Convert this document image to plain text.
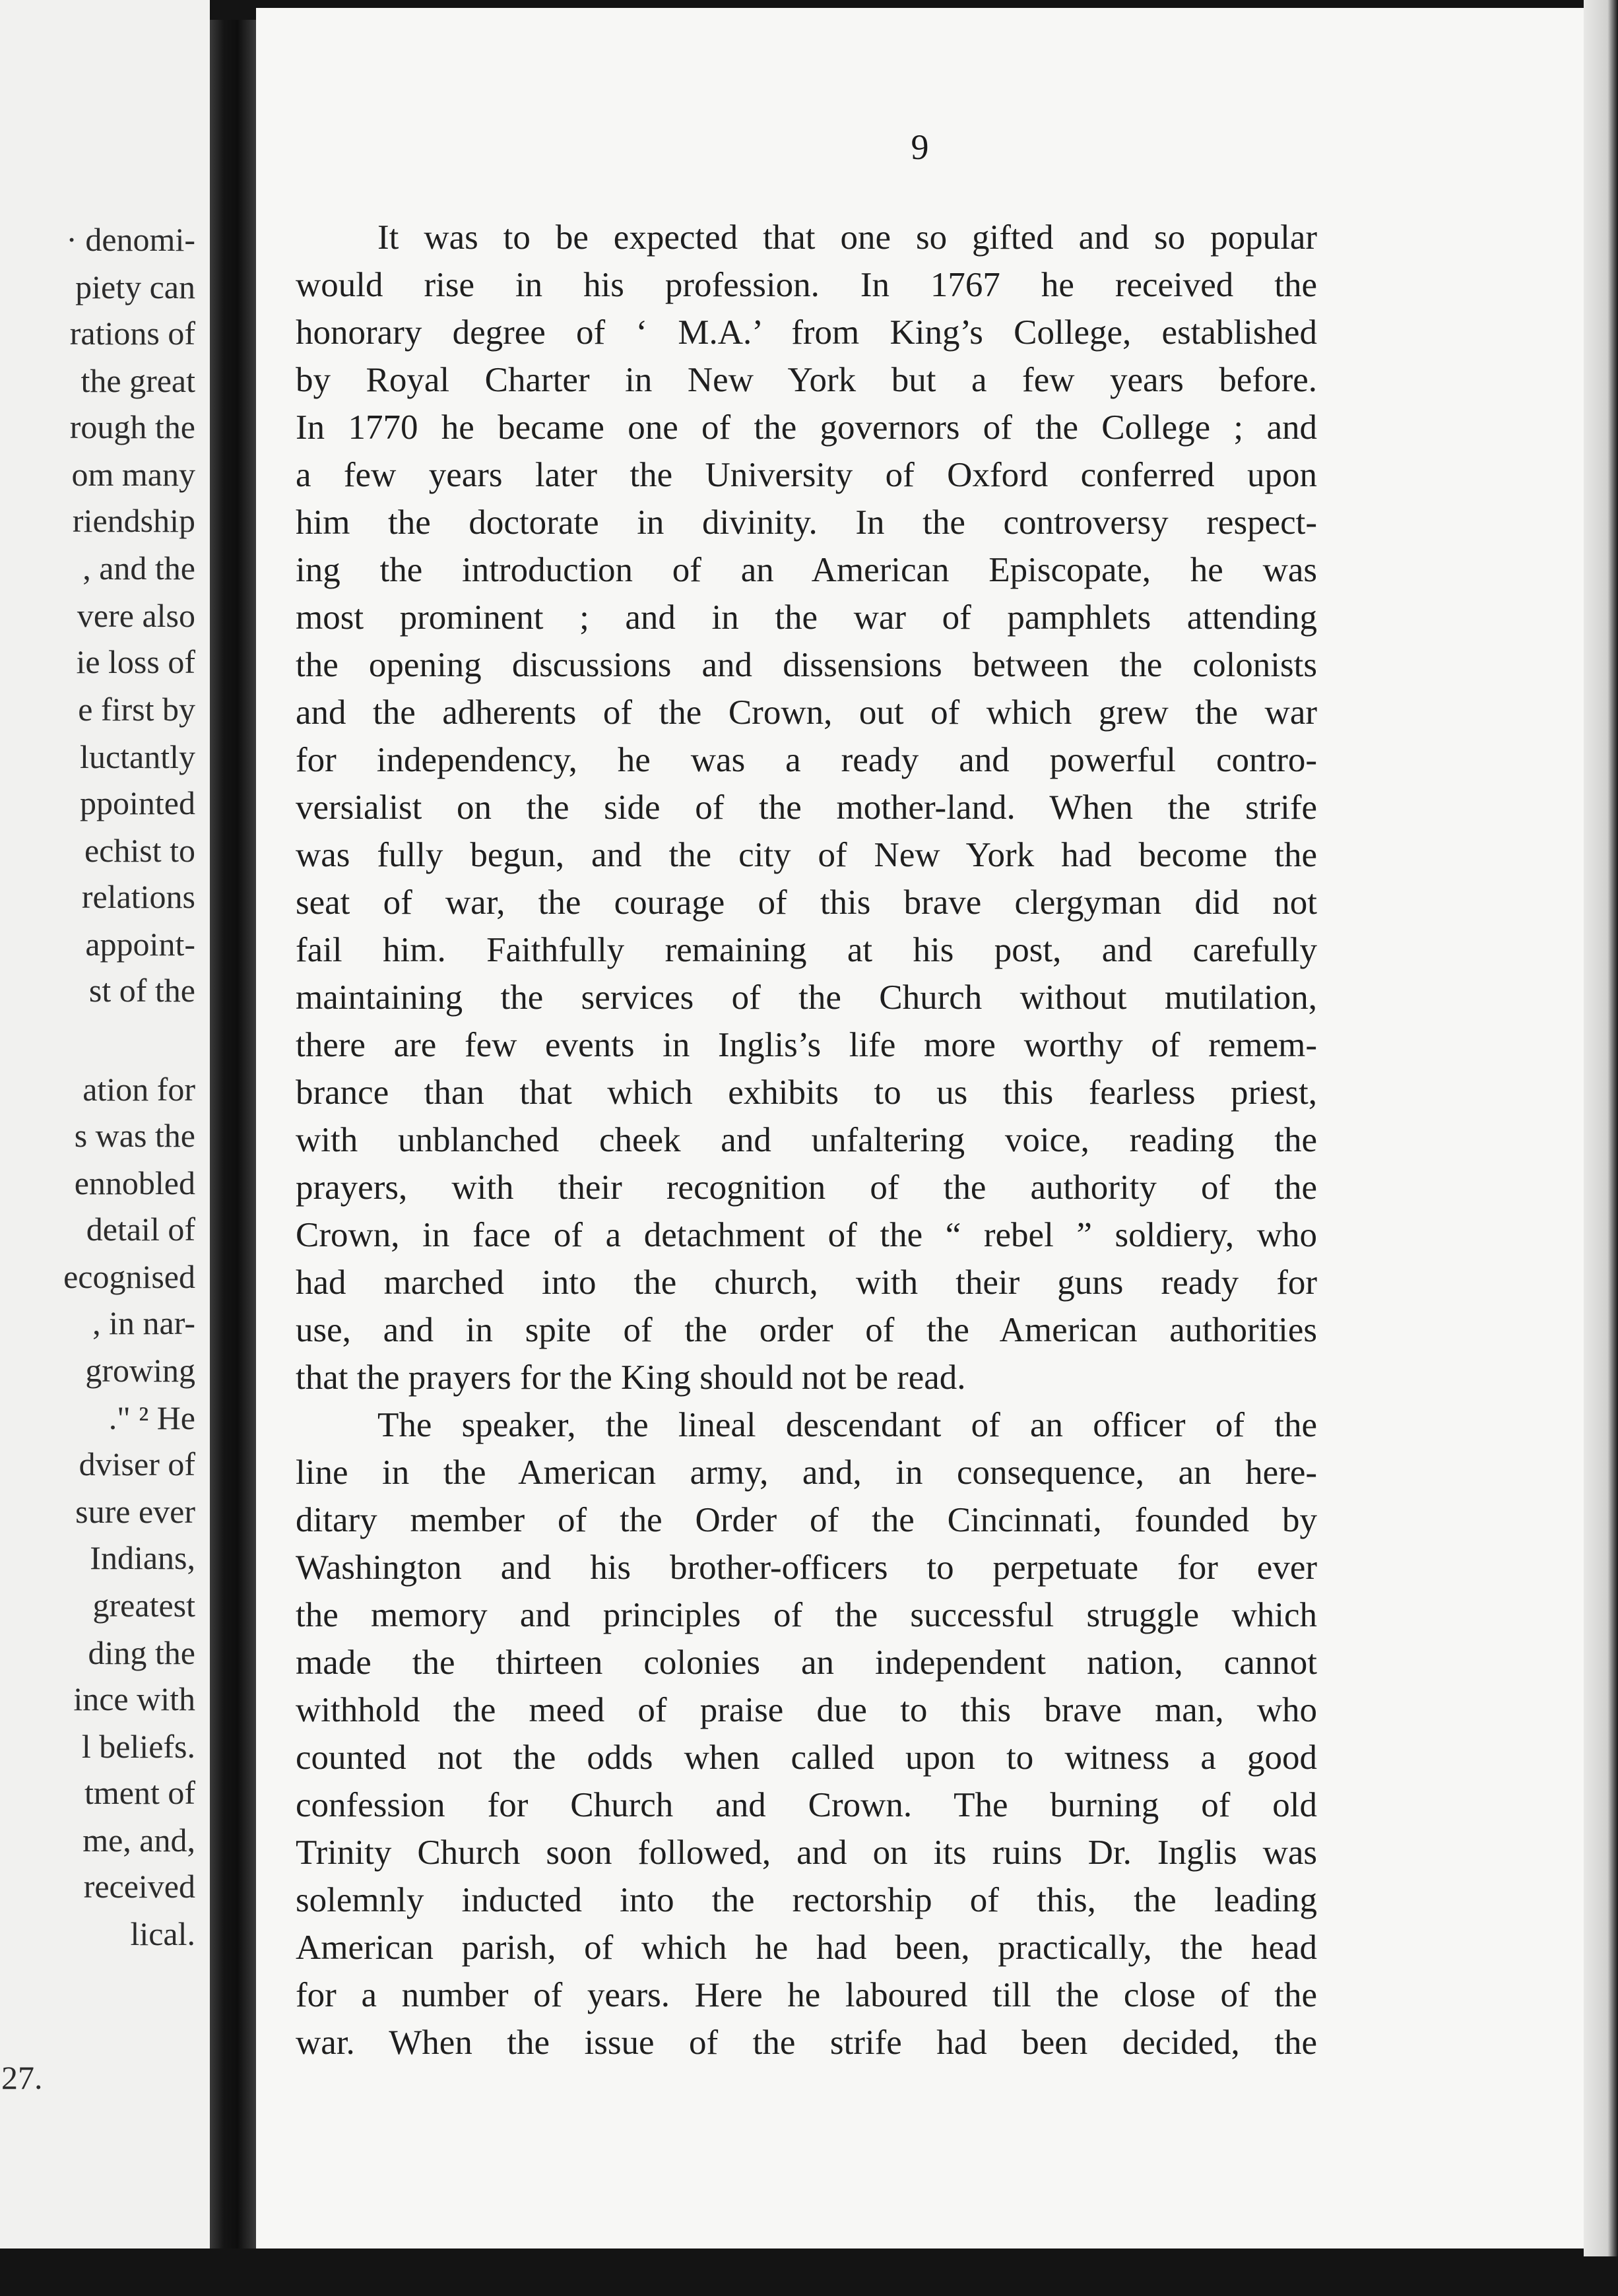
· denomi-
piety can
rations of
the great
rough the
om many
riendship
, and the
vere also
ie loss of
e first by
luctantly
ppointed
echist to
relations
appoint-
st of the
ation for
s was the
ennobled
detail of
ecognised
, in nar-
growing
." ² He
dviser of
sure ever
Indians,
greatest
ding the
ince with
l beliefs.
tment of
me, and,
received
lical.
27.
9
It was to be expected that one so gifted and so popular
would rise in his profession. In 1767 he received the
honorary degree of ‘ M.A.’ from King’s College, established
by Royal Charter in New York but a few years before.
In 1770 he became one of the governors of the College ; and
a few years later the University of Oxford conferred upon
him the doctorate in divinity. In the controversy respect-
ing the introduction of an American Episcopate, he was
most prominent ; and in the war of pamphlets attending
the opening discussions and dissensions between the colonists
and the adherents of the Crown, out of which grew the war
for independency, he was a ready and powerful contro-
versialist on the side of the mother-land. When the strife
was fully begun, and the city of New York had become the
seat of war, the courage of this brave clergyman did not
fail him. Faithfully remaining at his post, and carefully
maintaining the services of the Church without mutilation,
there are few events in Inglis’s life more worthy of remem-
brance than that which exhibits to us this fearless priest,
with unblanched cheek and unfaltering voice, reading the
prayers, with their recognition of the authority of the
Crown, in face of a detachment of the “ rebel ” soldiery, who
had marched into the church, with their guns ready for
use, and in spite of the order of the American authorities
that the prayers for the King should not be read.
The speaker, the lineal descendant of an officer of the
line in the American army, and, in consequence, an here-
ditary member of the Order of the Cincinnati, founded by
Washington and his brother-officers to perpetuate for ever
the memory and principles of the successful struggle which
made the thirteen colonies an independent nation, cannot
withhold the meed of praise due to this brave man, who
counted not the odds when called upon to witness a good
confession for Church and Crown. The burning of old
Trinity Church soon followed, and on its ruins Dr. Inglis was
solemnly inducted into the rectorship of this, the leading
American parish, of which he had been, practically, the head
for a number of years. Here he laboured till the close of the
war. When the issue of the strife had been decided, the
